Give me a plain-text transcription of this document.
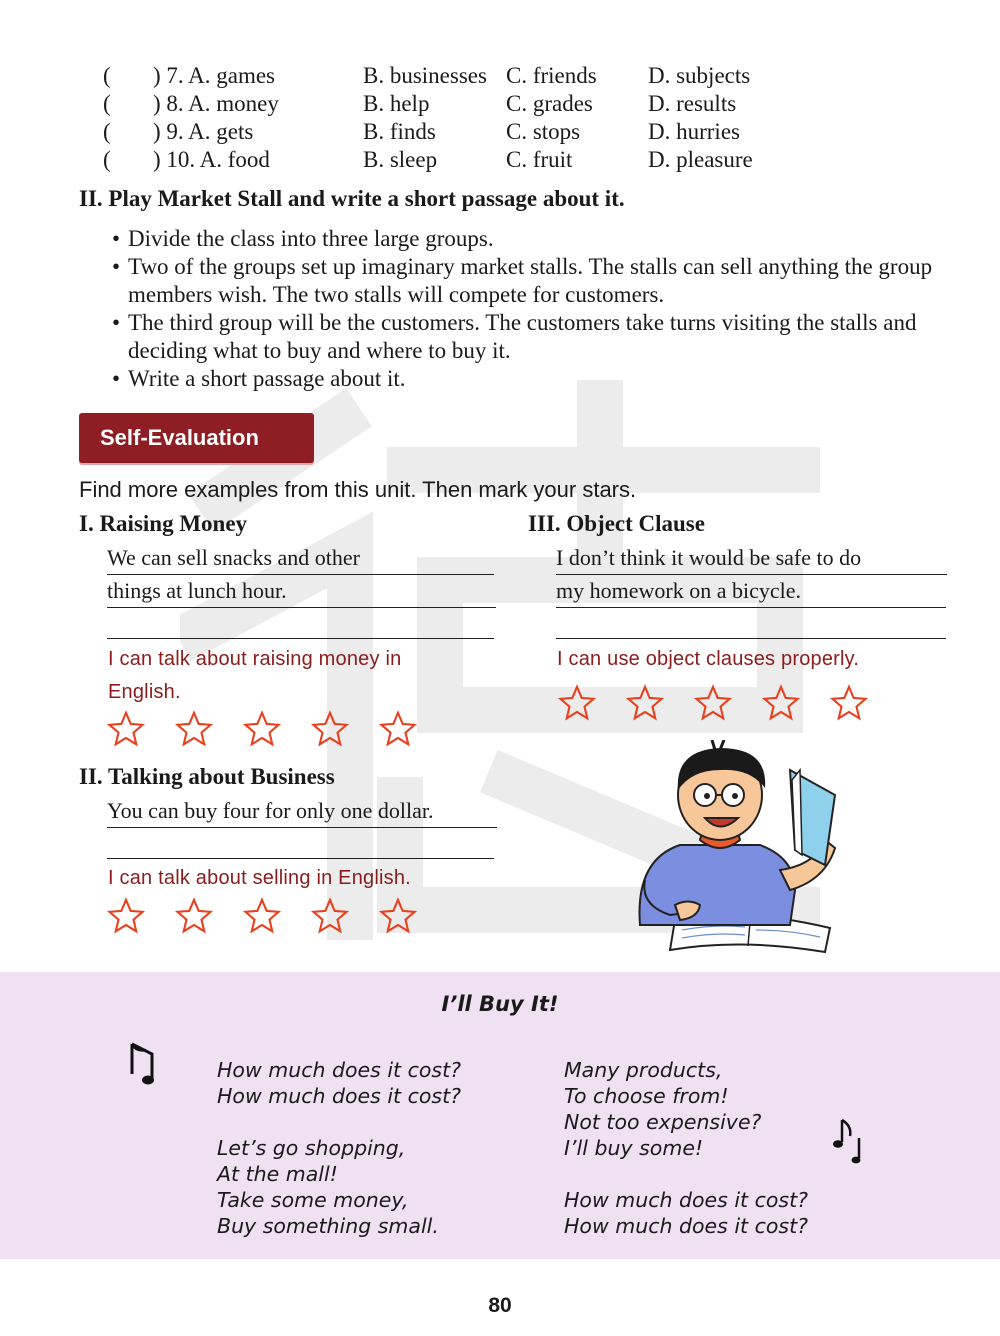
( ) 7. A. games	B. businesses C. friends D. subjects
( ) 8. A. money	B. help	C. grades D. results
( ) 9. A. gets	B. finds	C. stops	D. hurries
( ) 10. A. food	B. sleep	C. fruit	D. pleasure
II. Play Market Stall and write a short passage about it.
• Divide the class into three large groups.
• Two of the groups set up imaginary market stalls. The stalls can sell anything the group members wish. The two stalls will compete for customers.
• The third group will be the customers. The customers take turns visiting the stalls and deciding what to buy and where to buy it.
• Write a short passage about it.
Self-Evaluation
Find more examples from this unit. Then mark your stars.
I. Raising Money
We can sell snacks and other
things at lunch hour.
I can talk about raising money in
English.
III. Object Clause
I don’t think it would be safe to do
my homework on a bicycle.
I can use object clauses properly.
II. Talking about Business
You can buy four for only one dollar.
I can talk about selling in English.
I’ll Buy It!
How much does it cost?
How much does it cost?
Let’s go shopping,
At the mall!
Take some money,
Buy something small.
Many products,
To choose from!
Not too expensive?
I’ll buy some!
How much does it cost?
How much does it cost?
80
